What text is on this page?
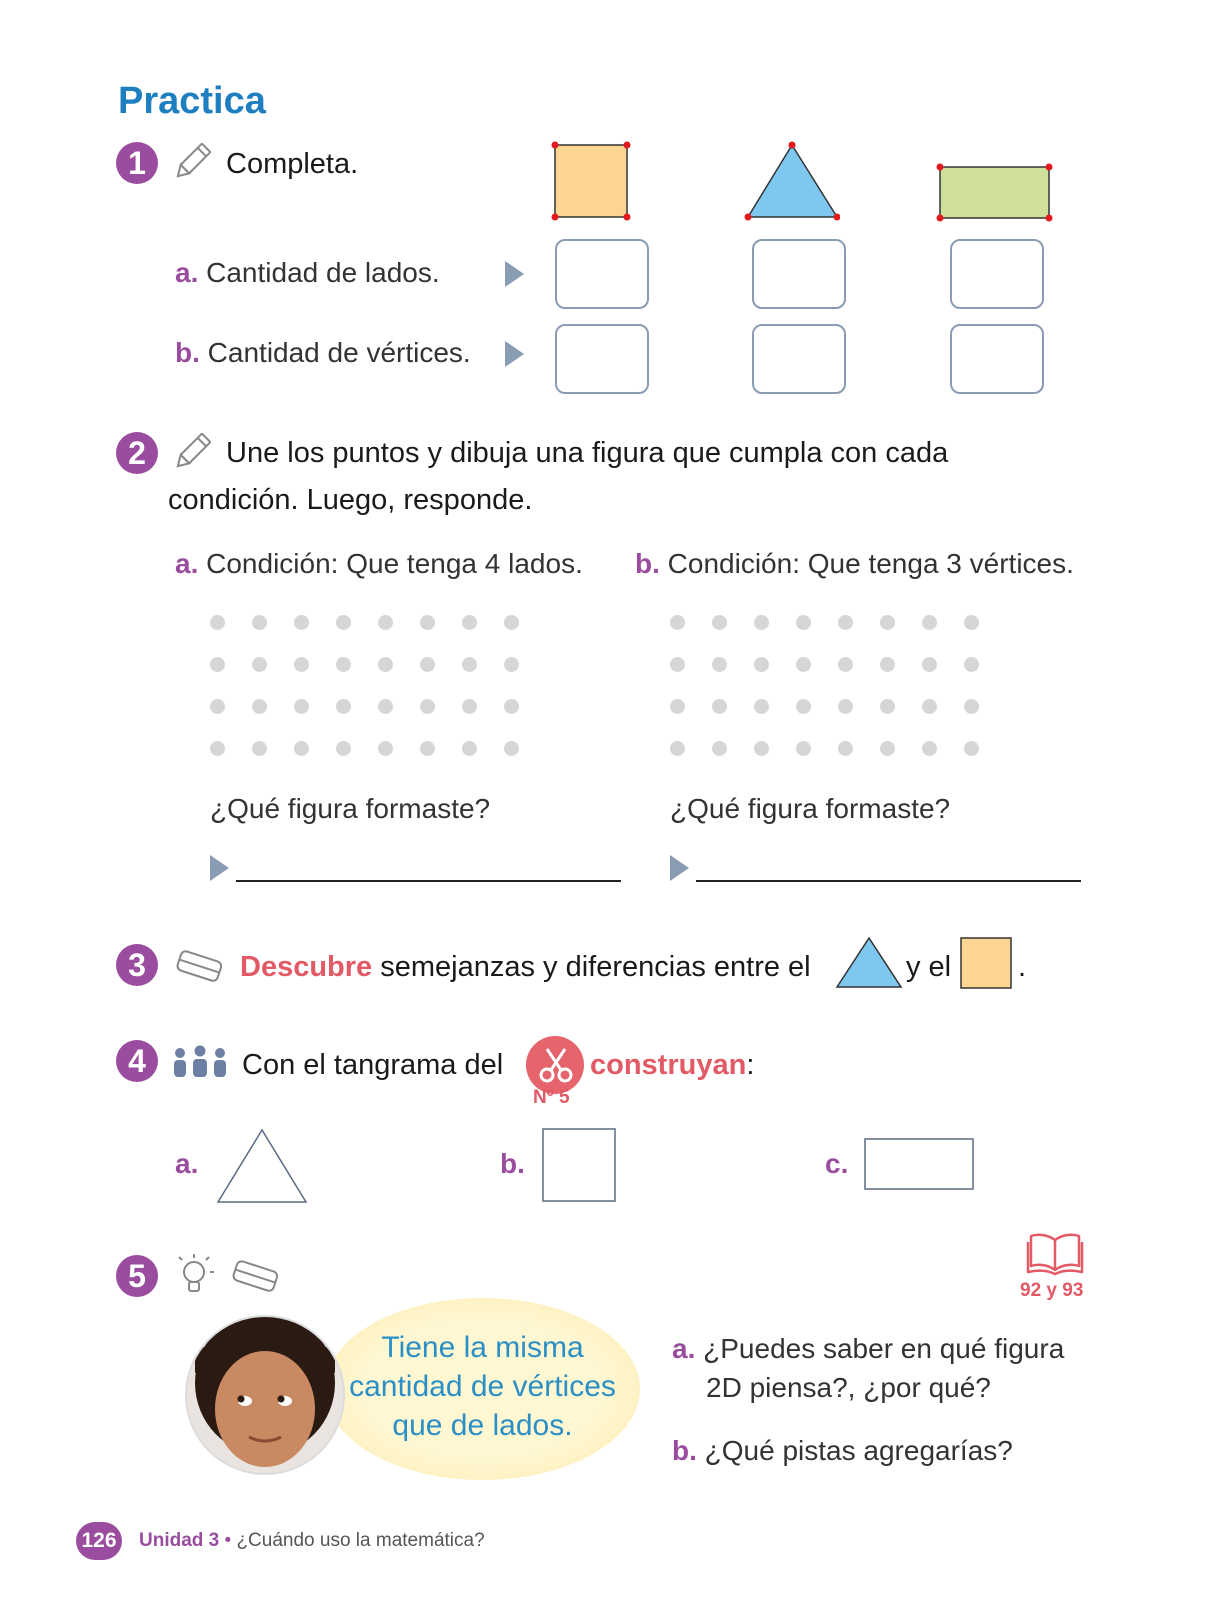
Practica
1	Completa.
a. Cantidad de lados.
b. Cantidad de vértices.
2	Une los puntos y dibuja una figura que cumpla con cada
condición. Luego, responde.
a. Condición: Que tenga 4 lados. b. Condición: Que tenga 3 vértices.
¿Qué figura formaste?	¿Qué figura formaste?
3	Descubre semejanzas y diferencias entre el	y el .
4	Con el tangrama del
Nº 5
construyan:
a.	b.	c.
5	92 y 93
Tiene la misma
cantidad de vértices
que de lados.
a. ¿Puedes saber en qué figura
2D piensa?, ¿por qué?
b. ¿Qué pistas agregarías?
126 Unidad 3 • ¿Cuándo uso la matemática?
